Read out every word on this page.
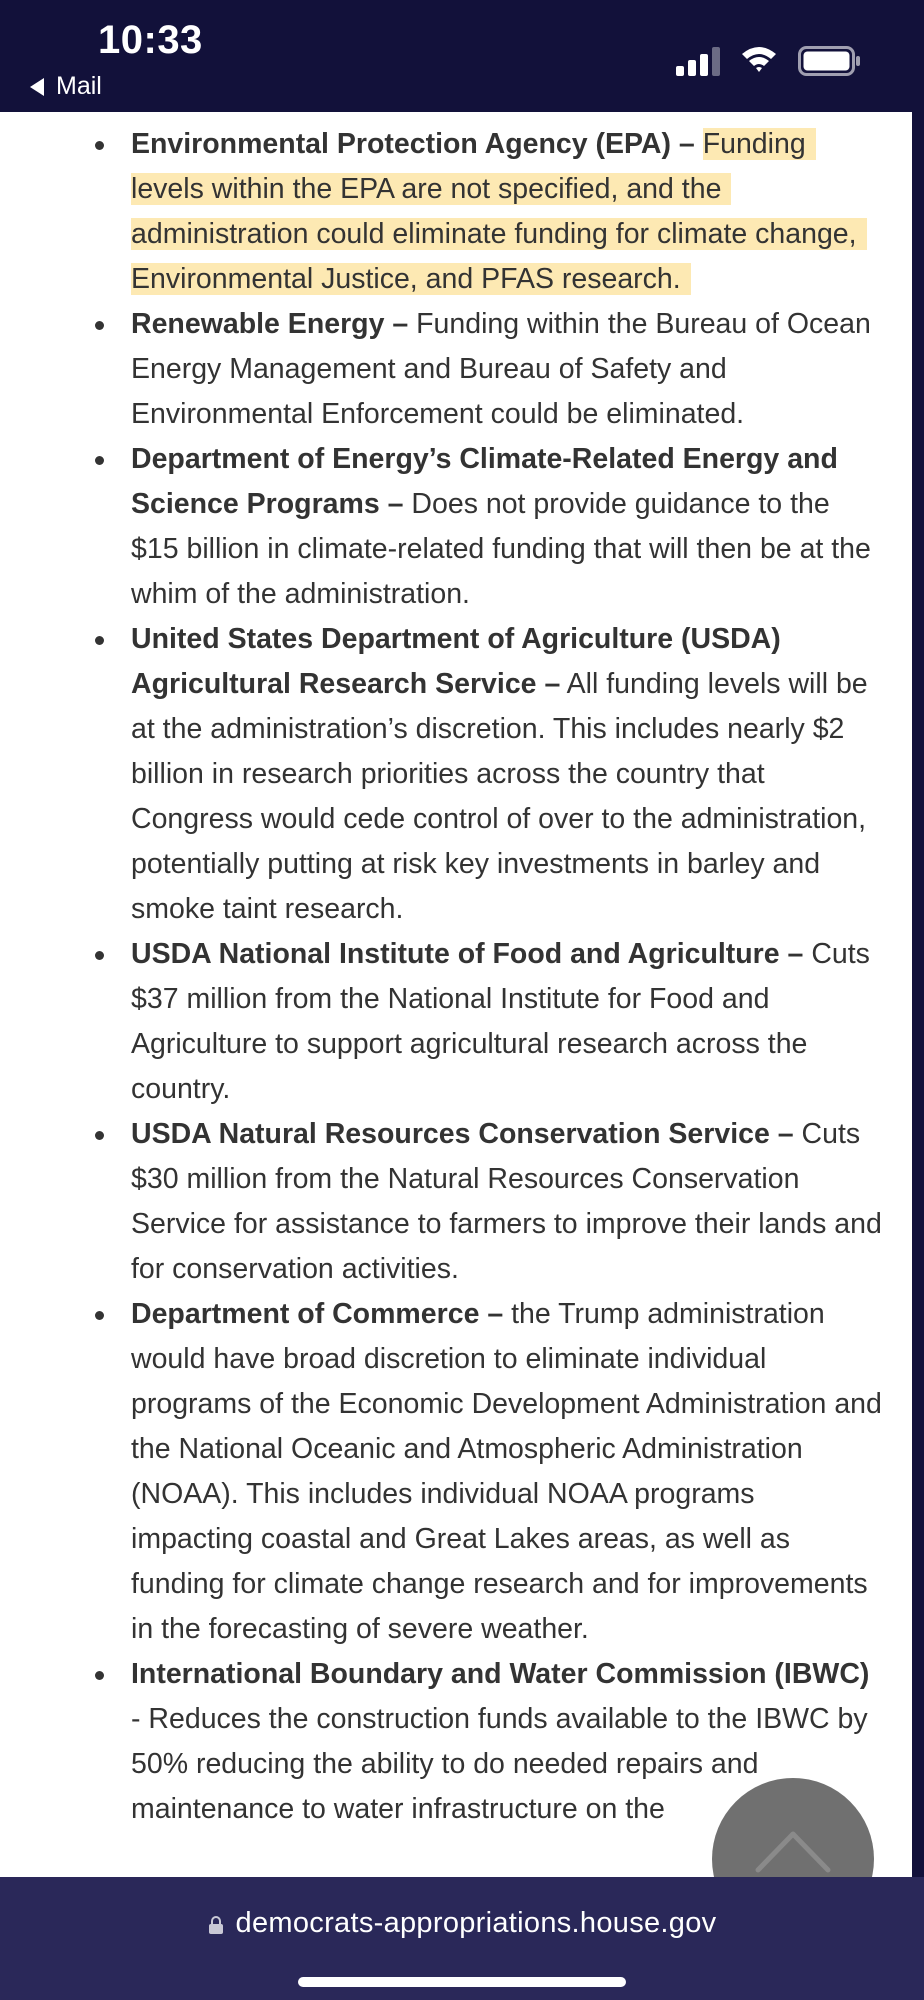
10:33
Mail
Environmental Protection Agency (EPA) – Funding levels within the EPA are not specified, and the administration could eliminate funding for climate change, Environmental Justice, and PFAS research.
Renewable Energy – Funding within the Bureau of Ocean Energy Management and Bureau of Safety and Environmental Enforcement could be eliminated.
Department of Energy’s Climate-Related Energy and Science Programs – Does not provide guidance to the $15 billion in climate-related funding that will then be at the whim of the administration.
United States Department of Agriculture (USDA) Agricultural Research Service – All funding levels will be at the administration’s discretion. This includes nearly $2 billion in research priorities across the country that Congress would cede control of over to the administration, potentially putting at risk key investments in barley and smoke taint research.
USDA National Institute of Food and Agriculture – Cuts $37 million from the National Institute for Food and Agriculture to support agricultural research across the country.
USDA Natural Resources Conservation Service – Cuts $30 million from the Natural Resources Conservation Service for assistance to farmers to improve their lands and for conservation activities.
Department of Commerce – the Trump administration would have broad discretion to eliminate individual programs of the Economic Development Administration and the National Oceanic and Atmospheric Administration (NOAA). This includes individual NOAA programs impacting coastal and Great Lakes areas, as well as funding for climate change research and for improvements in the forecasting of severe weather.
International Boundary and Water Commission (IBWC) - Reduces the construction funds available to the IBWC by 50% reducing the ability to do needed repairs and maintenance to water infrastructure on the
democrats-appropriations.house.gov
